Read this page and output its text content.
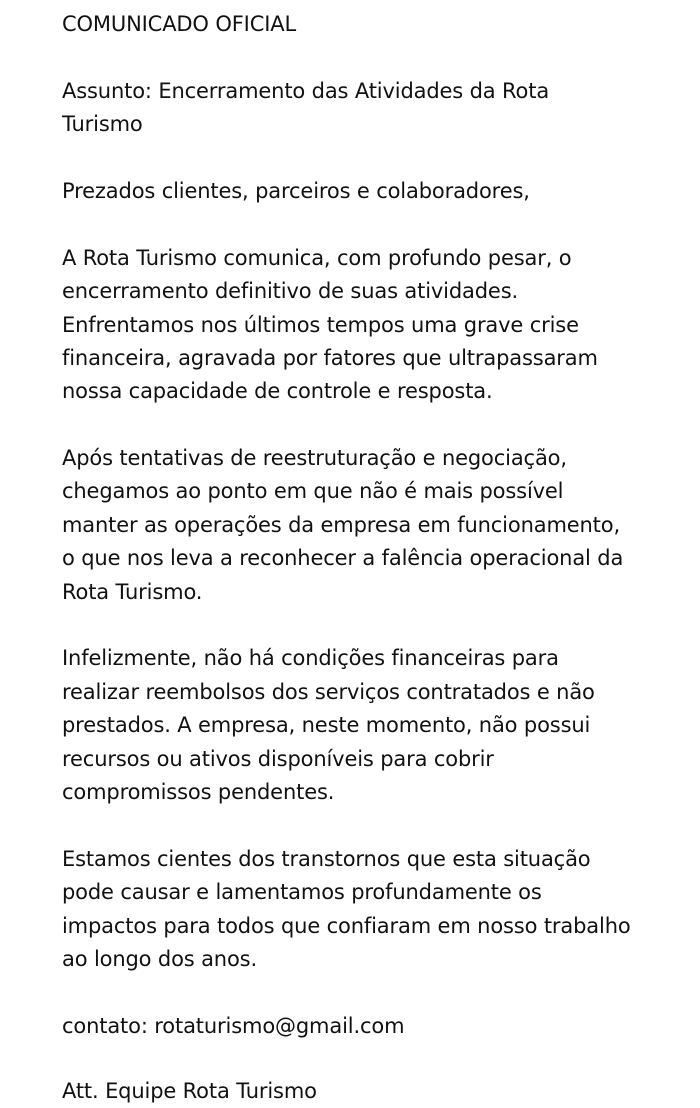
COMUNICADO OFICIAL
Assunto: Encerramento das Atividades da Rota
Turismo
Prezados clientes, parceiros e colaboradores,
A Rota Turismo comunica, com profundo pesar, o
encerramento definitivo de suas atividades.
Enfrentamos nos últimos tempos uma grave crise
financeira, agravada por fatores que ultrapassaram
nossa capacidade de controle e resposta.
Após tentativas de reestruturação e negociação,
chegamos ao ponto em que não é mais possível
manter as operações da empresa em funcionamento,
o que nos leva a reconhecer a falência operacional da
Rota Turismo.
Infelizmente, não há condições financeiras para
realizar reembolsos dos serviços contratados e não
prestados. A empresa, neste momento, não possui
recursos ou ativos disponíveis para cobrir
compromissos pendentes.
Estamos cientes dos transtornos que esta situação
pode causar e lamentamos profundamente os
impactos para todos que confiaram em nosso trabalho
ao longo dos anos.
contato: rotaturismo@gmail.com
Att. Equipe Rota Turismo
